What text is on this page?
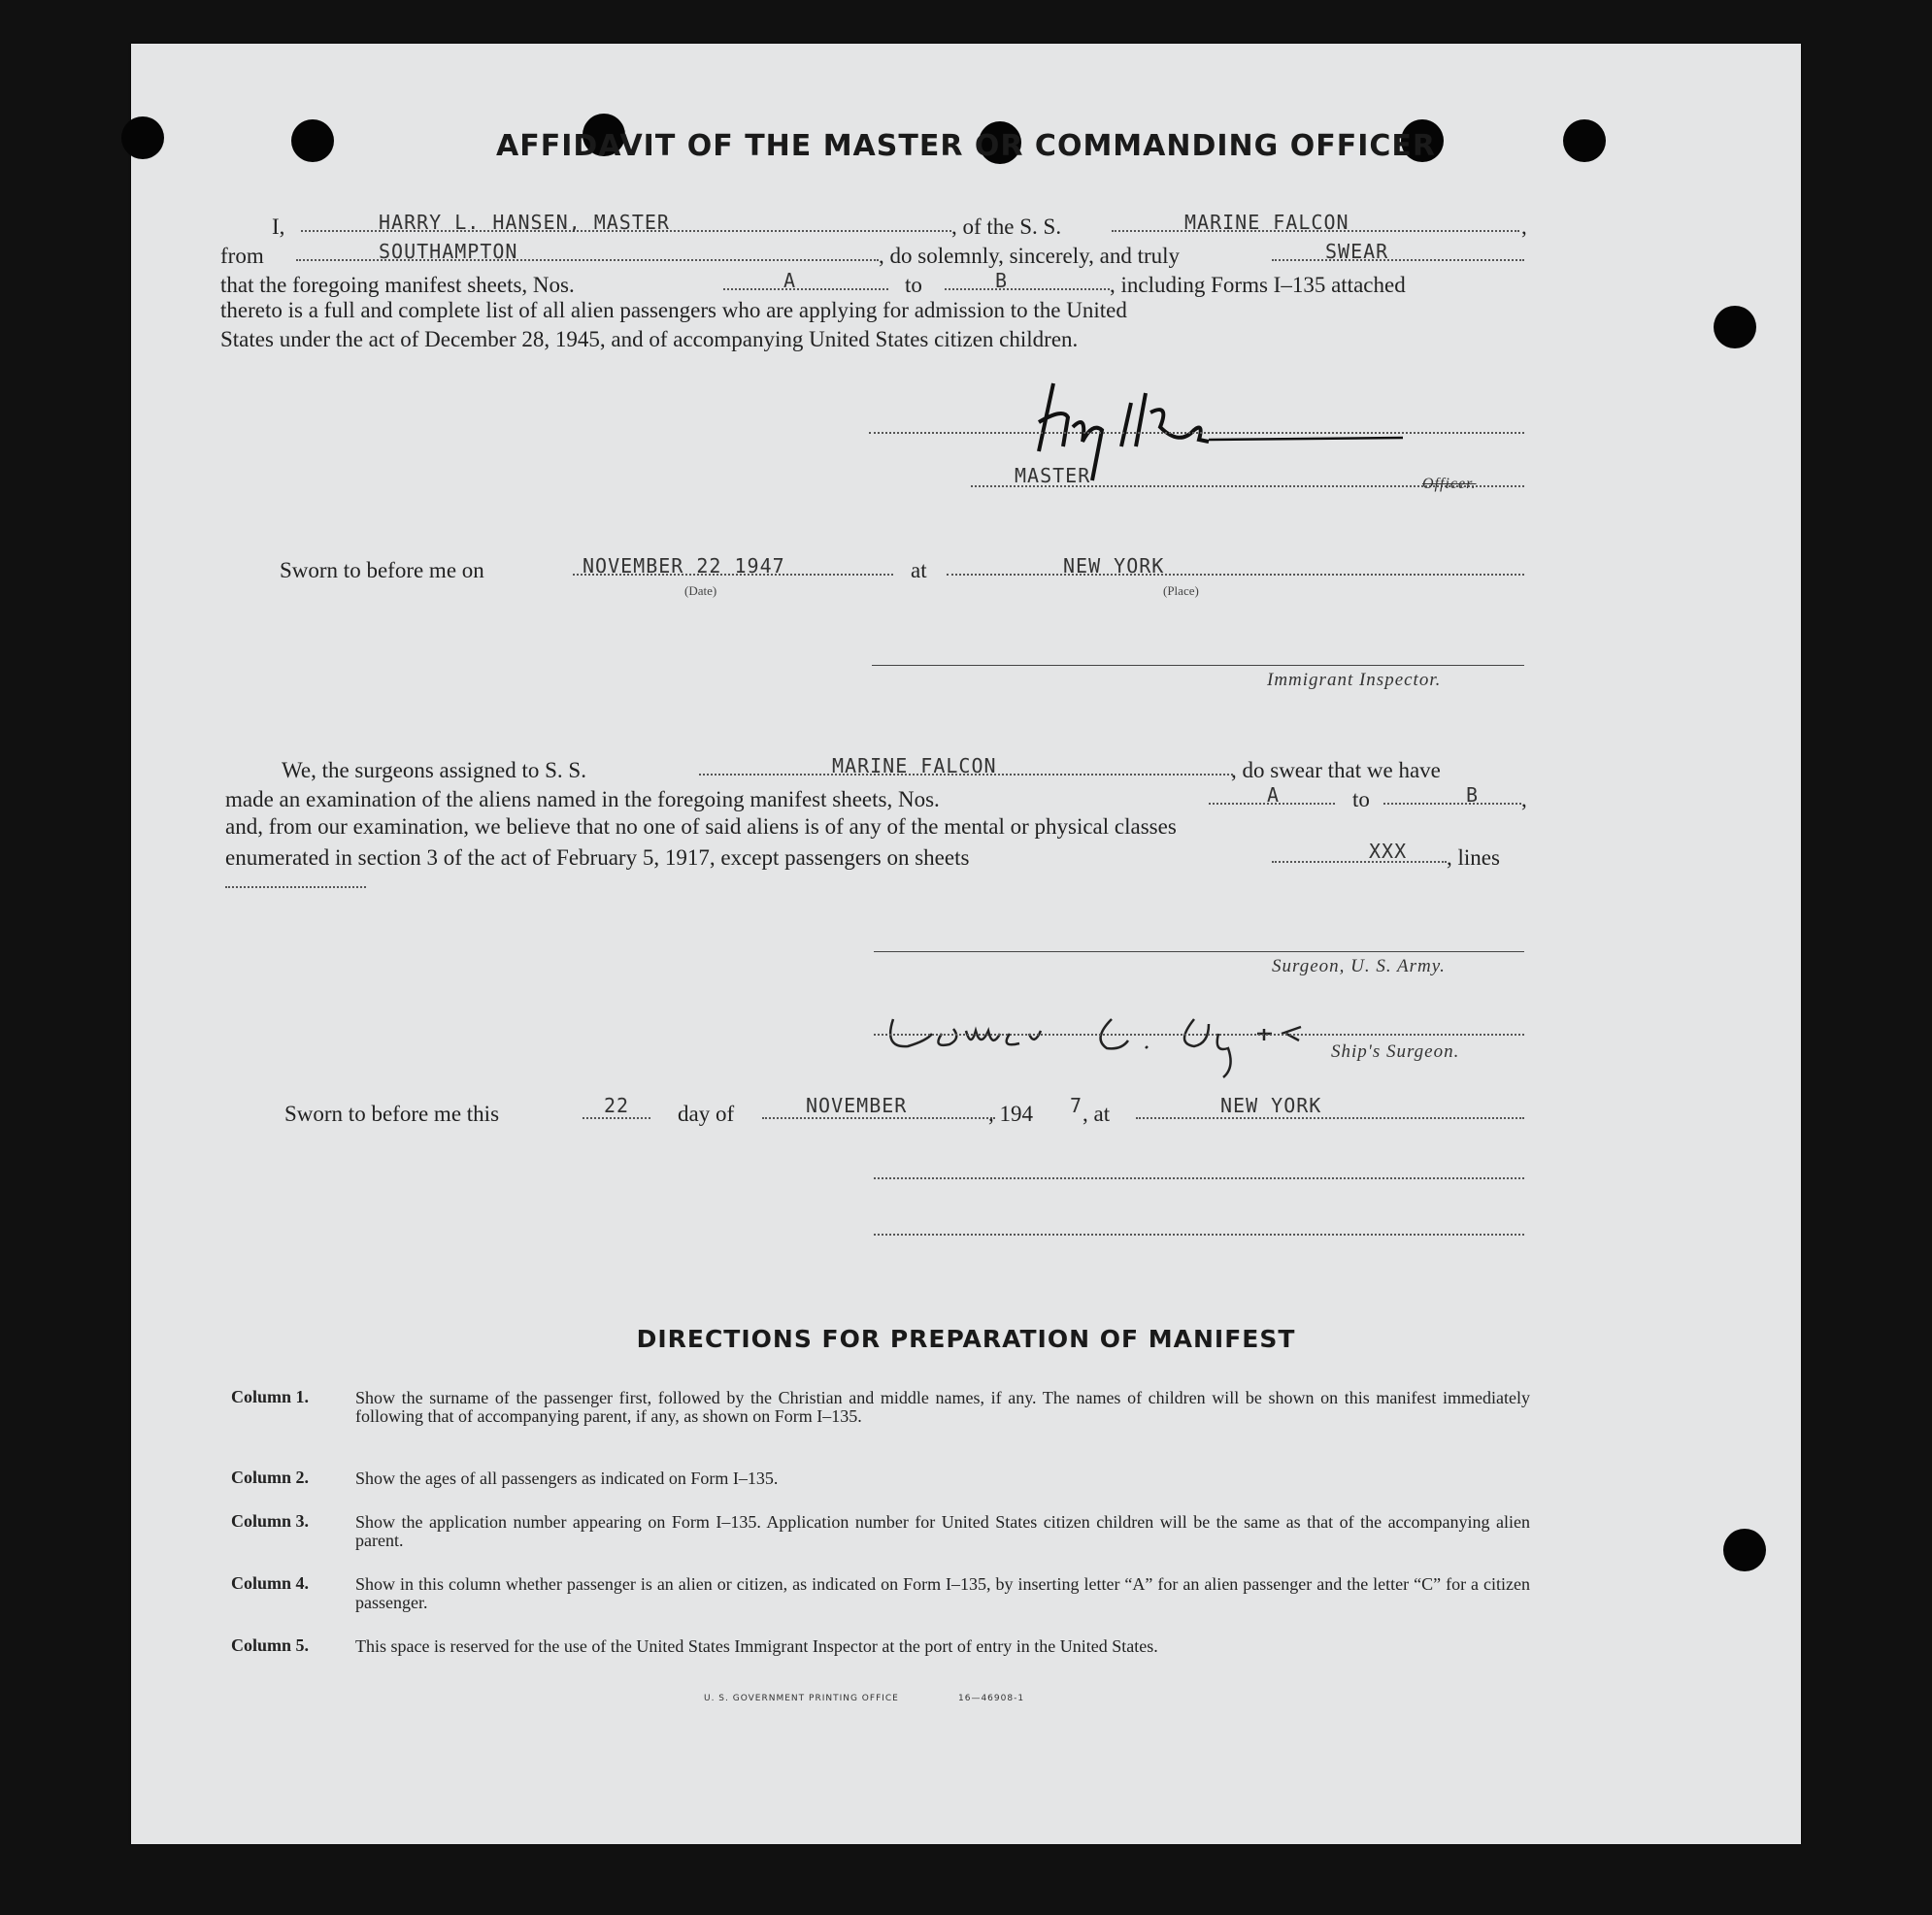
AFFIDAVIT OF THE MASTER OR COMMANDING OFFICER
I,	HARRY L. HANSEN, MASTER	, of the S. S.	MARINE FALCON	,
from	SOUTHAMPTON	, do solemnly, sincerely, and truly	SWEAR
that the foregoing manifest sheets, Nos.	A	to	B	, including Forms I–135 attached
thereto is a full and complete list of all alien passengers who are applying for admission to the United
States under the act of December 28, 1945, and of accompanying United States citizen children.
MASTER	Officer.
Sworn to before me on	NOVEMBER 22 1947
(Date)
at	NEW YORK
(Place)
Immigrant Inspector.
We, the surgeons assigned to S. S.	MARINE FALCON	, do swear that we have
made an examination of the aliens named in the foregoing manifest sheets, Nos.	A	to	B ,
and, from our examination, we believe that no one of said aliens is of any of the mental or physical classes
enumerated in section 3 of the act of February 5, 1917, except passengers on sheets	XXX , lines
Surgeon, U. S. Army.
Ship's Surgeon.
Sworn to before me this	22 day of	NOVEMBER	, 194 7 , at	NEW YORK
DIRECTIONS FOR PREPARATION OF MANIFEST
Column 1.	Show the surname of the passenger first, followed by the Christian and middle names, if any. The names of children will be shown on this manifest immediately following that of accompanying parent, if any, as shown on Form I–135.
Column 2.	Show the ages of all passengers as indicated on Form I–135.
Column 3.	Show the application number appearing on Form I–135. Application number for United States citizen children will be the same as that of the accompanying alien parent.
Column 4.	Show in this column whether passenger is an alien or citizen, as indicated on Form I–135, by inserting letter “A” for an alien passenger and the letter “C” for a citizen passenger.
Column 5.	This space is reserved for the use of the United States Immigrant Inspector at the port of entry in the United States.
U. S. GOVERNMENT PRINTING OFFICE	16—46908-1
